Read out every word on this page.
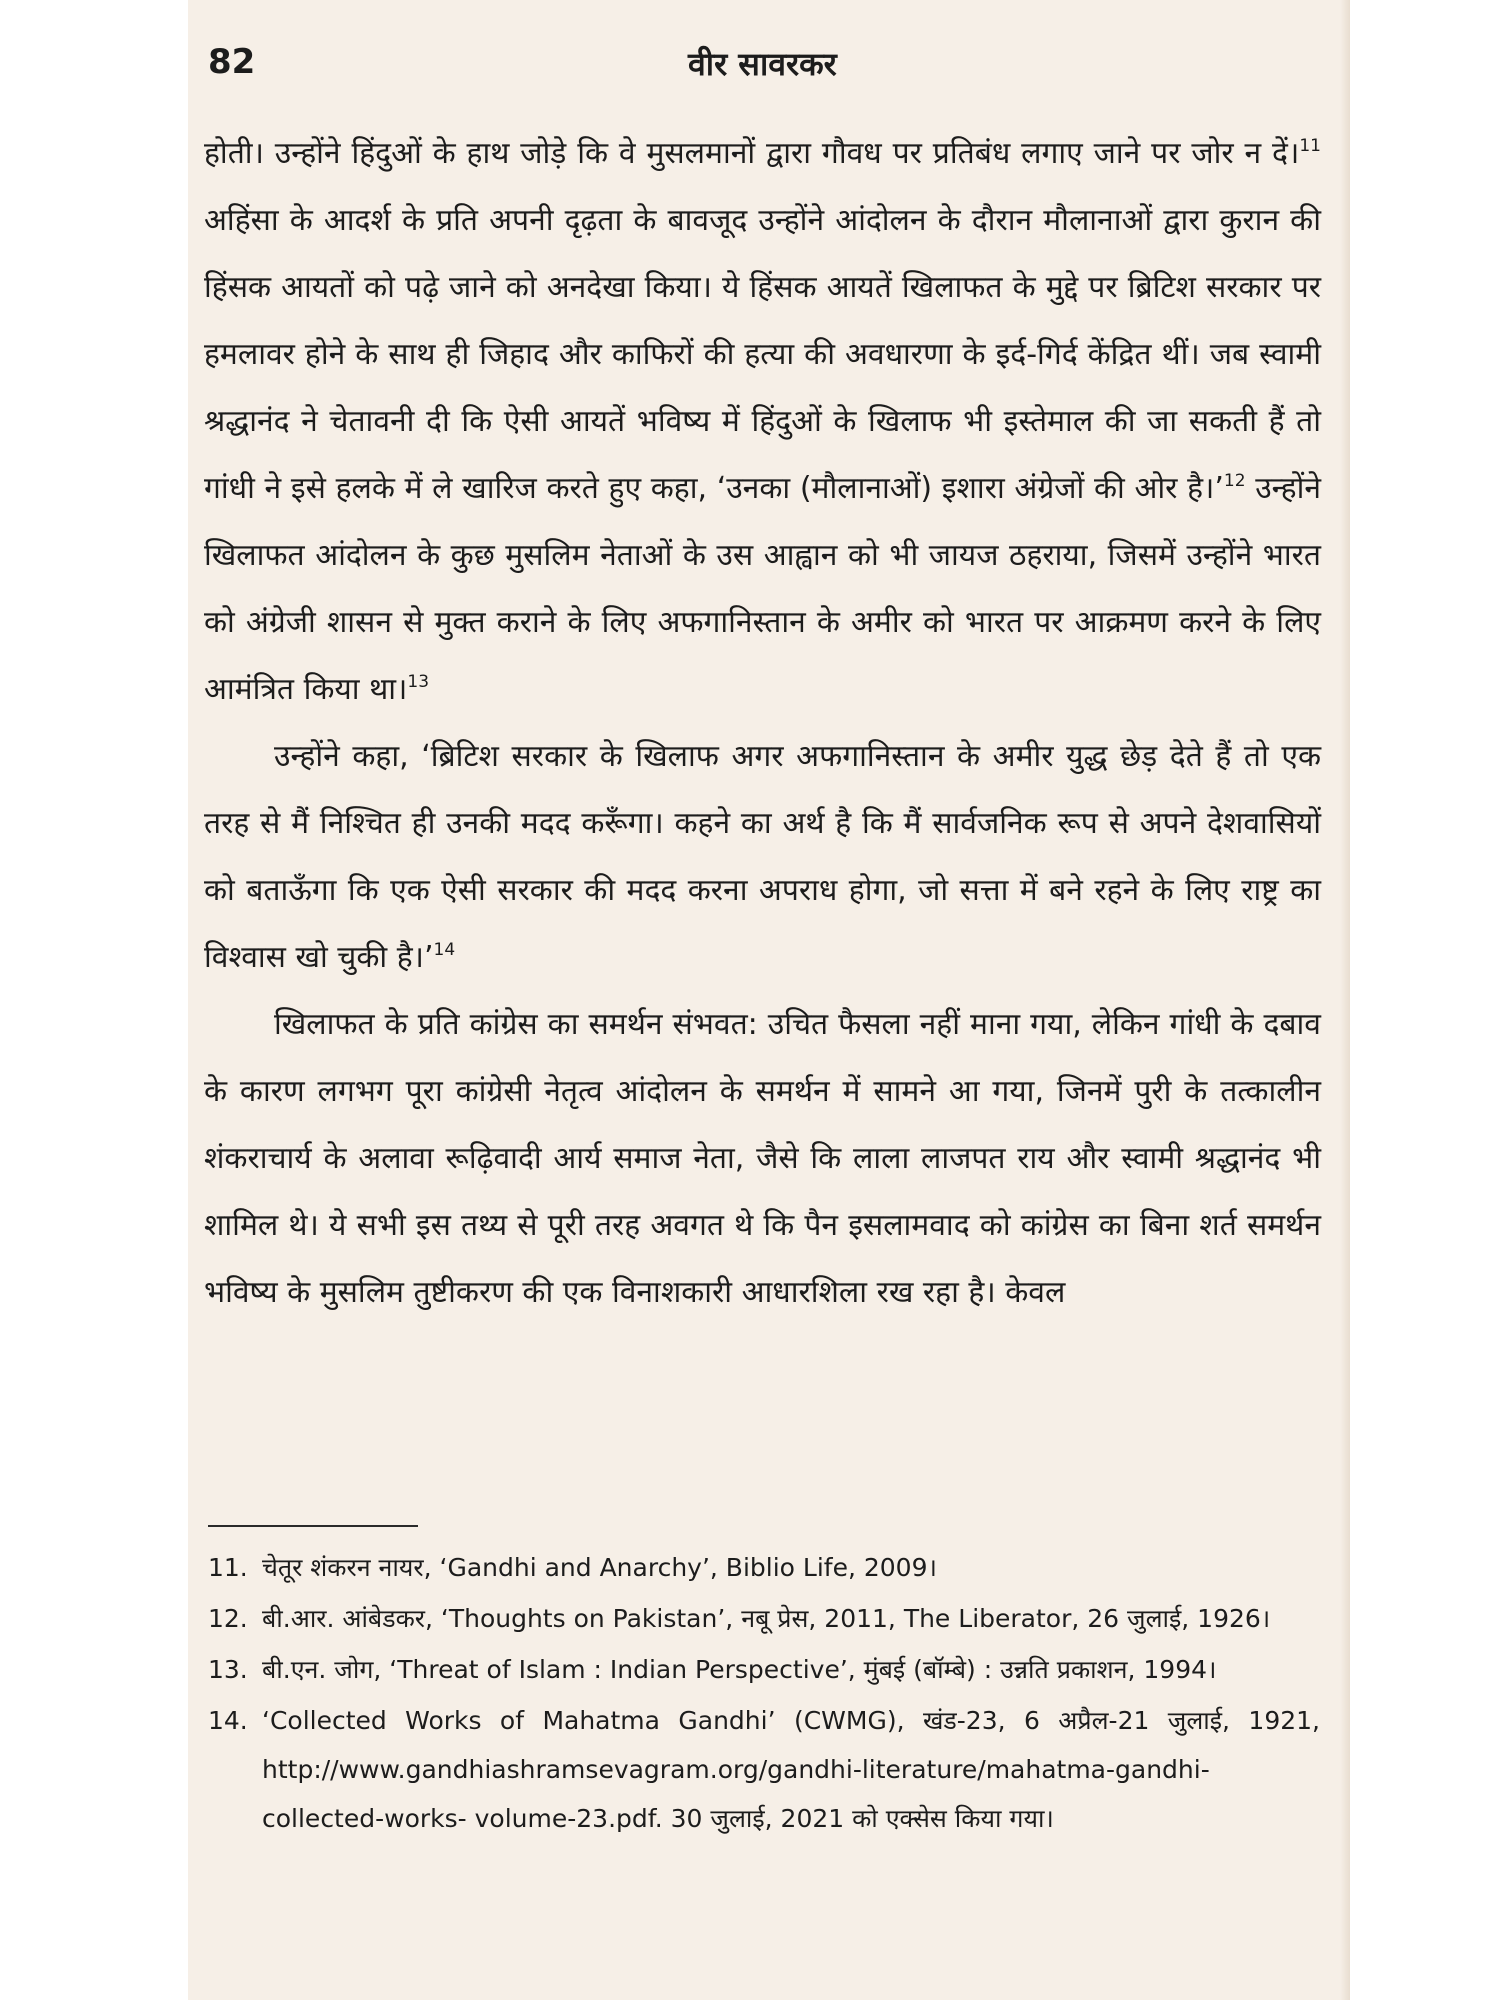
82	वीर सावरकर

होती। उन्होंने हिंदुओं के हाथ जोड़े कि वे मुसलमानों द्वारा गौवध पर प्रतिबंध लगाए जाने पर जोर न दें।$^{11}$ अहिंसा के आदर्श के प्रति अपनी दृढ़ता के बावजूद उन्होंने आंदोलन के दौरान मौलानाओं द्वारा कुरान की हिंसक आयतों को पढ़े जाने को अनदेखा किया। ये हिंसक आयतें खिलाफत के मुद्दे पर ब्रिटिश सरकार पर हमलावर होने के साथ ही जिहाद और काफिरों की हत्या की अवधारणा के इर्द-गिर्द केंद्रित थीं। जब स्वामी श्रद्धानंद ने चेतावनी दी कि ऐसी आयतें भविष्य में हिंदुओं के खिलाफ भी इस्तेमाल की जा सकती हैं तो गांधी ने इसे हलके में ले खारिज करते हुए कहा, ‘उनका (मौलानाओं) इशारा अंग्रेजों की ओर है।’$^{12}$ उन्होंने खिलाफत आंदोलन के कुछ मुसलिम नेताओं के उस आह्वान को भी जायज ठहराया, जिसमें उन्होंने भारत को अंग्रेजी शासन से मुक्त कराने के लिए अफगानिस्तान के अमीर को भारत पर आक्रमण करने के लिए आमंत्रित किया था।$^{13}$

उन्होंने कहा, ‘ब्रिटिश सरकार के खिलाफ अगर अफगानिस्तान के अमीर युद्ध छेड़ देते हैं तो एक तरह से मैं निश्चित ही उनकी मदद करूँगा। कहने का अर्थ है कि मैं सार्वजनिक रूप से अपने देशवासियों को बताऊँगा कि एक ऐसी सरकार की मदद करना अपराध होगा, जो सत्ता में बने रहने के लिए राष्ट्र का विश्वास खो चुकी है।’$^{14}$

खिलाफत के प्रति कांग्रेस का समर्थन संभवत: उचित फैसला नहीं माना गया, लेकिन गांधी के दबाव के कारण लगभग पूरा कांग्रेसी नेतृत्व आंदोलन के समर्थन में सामने आ गया, जिनमें पुरी के तत्कालीन शंकराचार्य के अलावा रूढ़िवादी आर्य समाज नेता, जैसे कि लाला लाजपत राय और स्वामी श्रद्धानंद भी शामिल थे। ये सभी इस तथ्य से पूरी तरह अवगत थे कि पैन इसलामवाद को कांग्रेस का बिना शर्त समर्थन भविष्य के मुसलिम तुष्टीकरण की एक विनाशकारी आधारशिला रख रहा है। केवल

11. चेतूर शंकरन नायर, ‘Gandhi and Anarchy’, Biblio Life, 2009।
12. बी.आर. आंबेडकर, ‘Thoughts on Pakistan’, नबू प्रेस, 2011, The Liberator, 26 जुलाई, 1926।
13. बी.एन. जोग, ‘Threat of Islam : Indian Perspective’, मुंबई (बॉम्बे) : उन्नति प्रकाशन, 1994।
14. ‘Collected Works of Mahatma Gandhi’ (CWMG), खंड-23, 6 अप्रैल-21 जुलाई, 1921, http://www.gandhiashramsevagram.org/gandhi-literature/mahatma-gandhi-collected-works- volume-23.pdf. 30 जुलाई, 2021 को एक्सेस किया गया।
